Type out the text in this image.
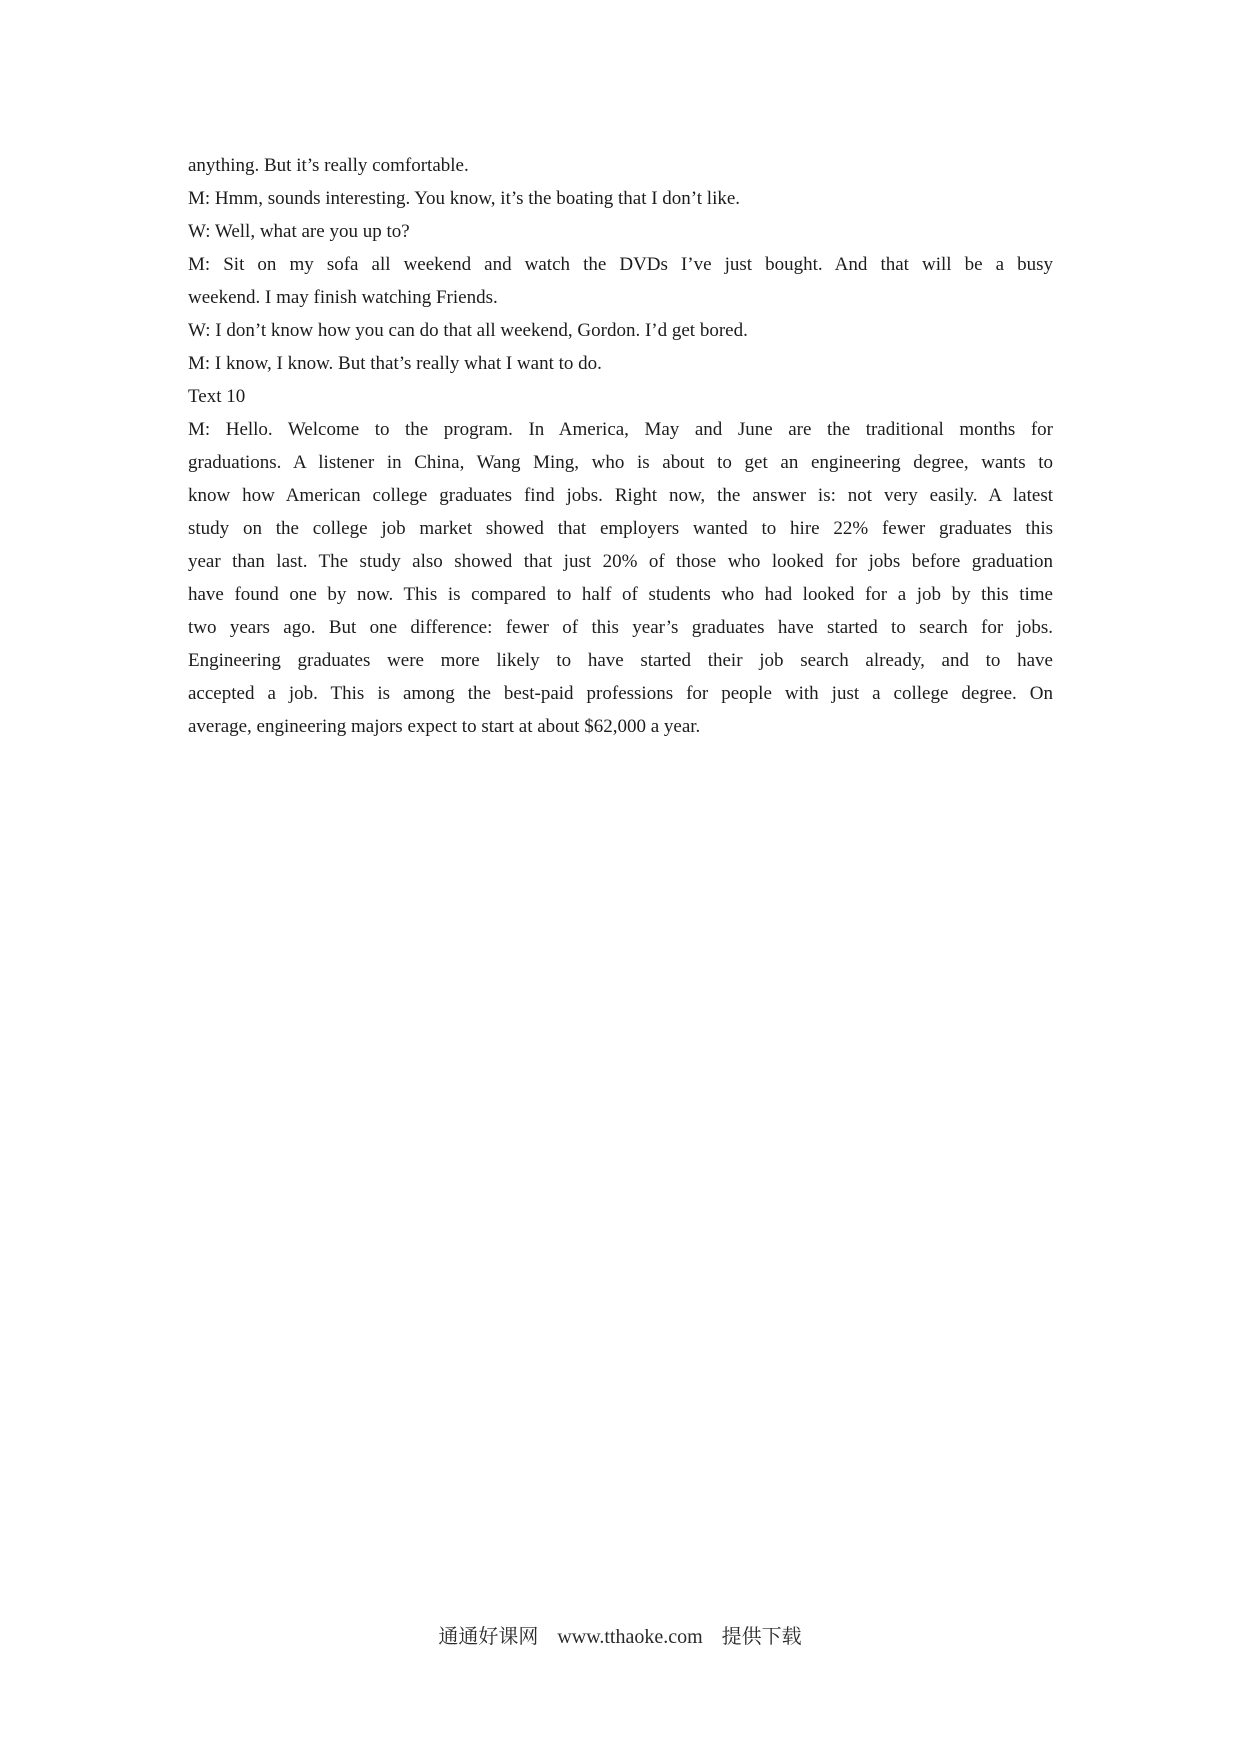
anything. But it’s really comfortable.
M: Hmm, sounds interesting. You know, it’s the boating that I don’t like.
W: Well, what are you up to?
M: Sit on my sofa all weekend and watch the DVDs I’ve just bought. And that will be a busy
weekend. I may finish watching Friends.
W: I don’t know how you can do that all weekend, Gordon. I’d get bored.
M: I know, I know. But that’s really what I want to do.
Text 10
M: Hello. Welcome to the program. In America, May and June are the traditional months for
graduations. A listener in China, Wang Ming, who is about to get an engineering degree, wants to
know how American college graduates find jobs. Right now, the answer is: not very easily. A latest
study on the college job market showed that employers wanted to hire 22% fewer graduates this
year than last. The study also showed that just 20% of those who looked for jobs before graduation
have found one by now. This is compared to half of students who had looked for a job by this time
two years ago. But one difference: fewer of this year’s graduates have started to search for jobs.
Engineering graduates were more likely to have started their job search already, and to have
accepted a job. This is among the best-paid professions for people with just a college degree. On
average, engineering majors expect to start at about $62,000 a year.
通通好课网 www.tthaoke.com 提供下载
